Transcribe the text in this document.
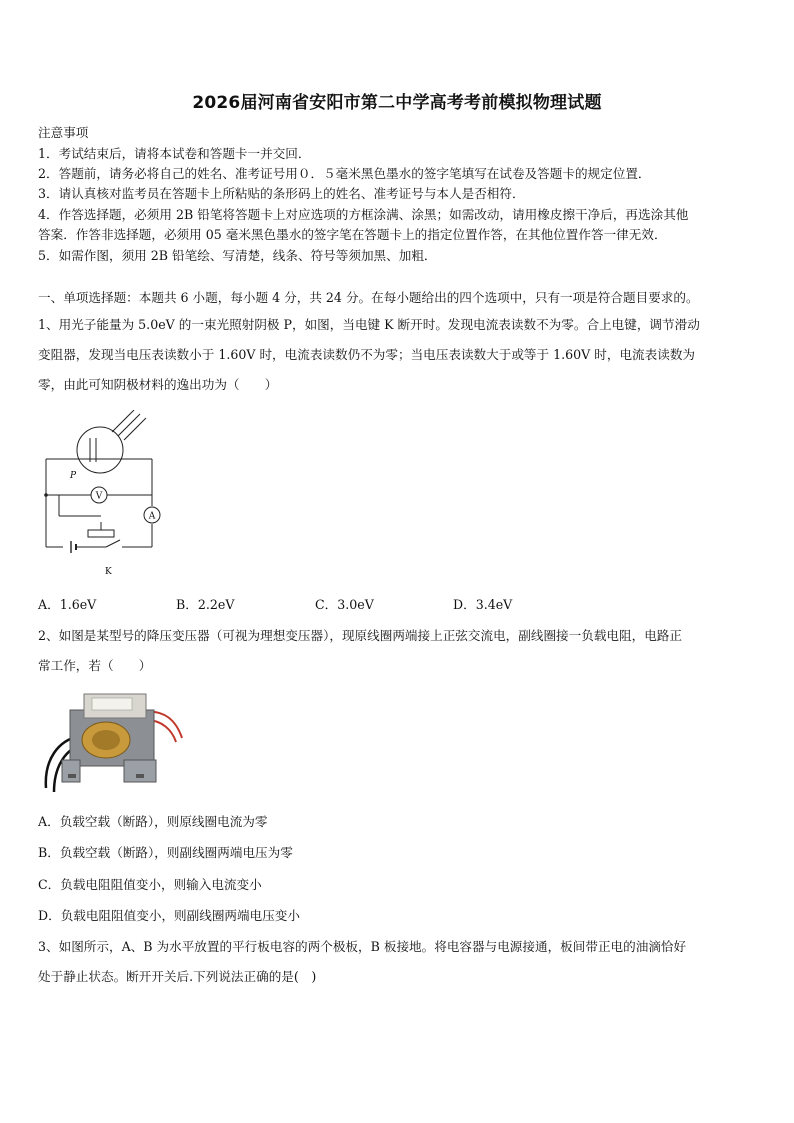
2026届河南省安阳市第二中学高考考前模拟物理试题
注意事项
1．考试结束后，请将本试卷和答题卡一并交回．
2．答题前，请务必将自己的姓名、准考证号用０．５毫米黑色墨水的签字笔填写在试卷及答题卡的规定位置．
3．请认真核对监考员在答题卡上所粘贴的条形码上的姓名、准考证号与本人是否相符．
4．作答选择题，必须用 2B 铅笔将答题卡上对应选项的方框涂满、涂黑；如需改动，请用橡皮擦干净后，再选涂其他
答案．作答非选择题，必须用 05 毫米黑色墨水的签字笔在答题卡上的指定位置作答，在其他位置作答一律无效．
5．如需作图，须用 2B 铅笔绘、写清楚，线条、符号等须加黑、加粗．
一、单项选择题：本题共 6 小题，每小题 4 分，共 24 分。在每小题给出的四个选项中，只有一项是符合题目要求的。
1、用光子能量为 5.0eV 的一束光照射阴极 P，如图，当电键 K 断开时。发现电流表读数不为零。合上电键，调节滑动
变阻器，发现当电压表读数小于 1.60V 时，电流表读数仍不为零；当电压表读数大于或等于 1.60V 时，电流表读数为
零，由此可知阴极材料的逸出功为（　　）
V
A
P
K
A．1.6eV	B．2.2eV	C．3.0eV	D．3.4eV
2、如图是某型号的降压变压器（可视为理想变压器），现原线圈两端接上正弦交流电，副线圈接一负载电阻，电路正
常工作，若（　　）
A．负载空载（断路），则原线圈电流为零
B．负载空载（断路），则副线圈两端电压为零
C．负载电阻阻值变小，则输入电流变小
D．负载电阻阻值变小，则副线圈两端电压变小
3、如图所示，A、B 为水平放置的平行板电容的两个极板，B 板接地。将电容器与电源接通，板间带正电的油滴恰好
处于静止状态。断开开关后.下列说法正确的是(　)
